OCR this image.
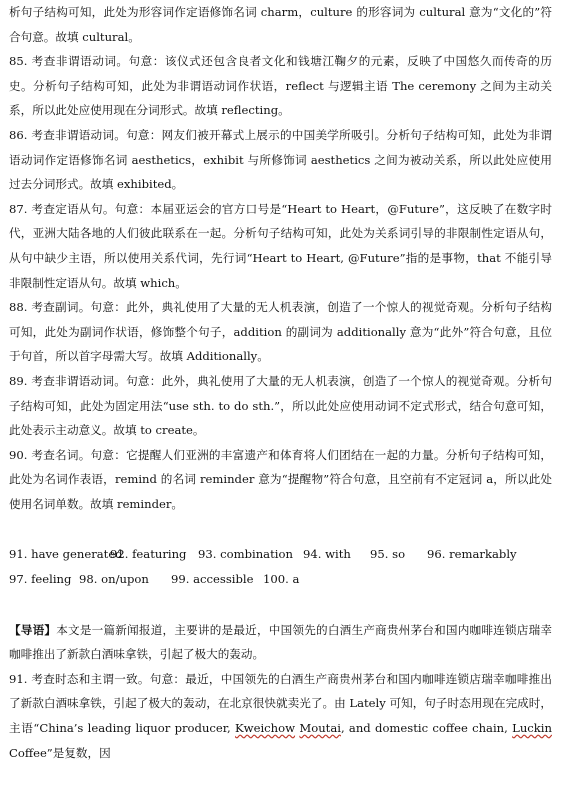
析句子结构可知，此处为形容词作定语修饰名词 charm，culture 的形容词为 cultural 意为“文化的”符合句意。故填 cultural。

85. 考查非谓语动词。句意：该仪式还包含良者文化和钱塘江鞠夕的元素，反映了中国悠久而传奇的历史。分析句子结构可知，此处为非谓语动词作状语，reflect 与逻辑主语 The ceremony 之间为主动关系，所以此处应使用现在分词形式。故填 reflecting。

86. 考查非谓语动词。句意：网友们被开幕式上展示的中国美学所吸引。分析句子结构可知，此处为非谓语动词作定语修饰名词 aesthetics，exhibit 与所修饰词 aesthetics 之间为被动关系，所以此处应使用过去分词形式。故填 exhibited。

87. 考查定语从句。句意：本届亚运会的官方口号是“Heart to Heart，@Future”，这反映了在数字时代，亚洲大陆各地的人们彼此联系在一起。分析句子结构可知，此处为关系词引导的非限制性定语从句，从句中缺少主语，所以使用关系代词，先行词“Heart to Heart, @Future”指的是事物，that 不能引导非限制性定语从句。故填 which。

88. 考查副词。句意：此外，典礼使用了大量的无人机表演，创造了一个惊人的视觉奇观。分析句子结构可知，此处为副词作状语，修饰整个句子，addition 的副词为 additionally 意为“此外”符合句意，且位于句首，所以首字母需大写。故填 Additionally。

89. 考查非谓语动词。句意：此外，典礼使用了大量的无人机表演，创造了一个惊人的视觉奇观。分析句子结构可知，此处为固定用法“use sth. to do sth.”，所以此处应使用动词不定式形式，结合句意可知，此处表示主动意义。故填 to create。

90. 考查名词。句意：它提醒人们亚洲的丰富遗产和体育将人们团结在一起的力量。分析句子结构可知，此处为名词作表语，remind 的名词 reminder 意为“提醒物”符合句意，且空前有不定冠词 a，所以此处使用名词单数。故填 reminder。

91. have generated
92. featuring 93. combination 94. with	95. so	96. remarkably
97. feeling 98. on/upon	99. accessible 100. a

【导语】本文是一篇新闻报道，主要讲的是最近，中国领先的白酒生产商贵州茅台和国内咖啡连锁店瑞幸咖啡推出了新款白酒味拿铁，引起了极大的轰动。

91. 考查时态和主谓一致。句意：最近，中国领先的白酒生产商贵州茅台和国内咖啡连锁店瑞幸咖啡推出了新款白酒味拿铁，引起了极大的轰动，在北京很快就卖光了。由 Lately 可知，句子时态用现在完成时，主语“China’s leading liquor producer, Kweichow Moutai, and domestic coffee chain, Luckin Coffee”是复数，因
